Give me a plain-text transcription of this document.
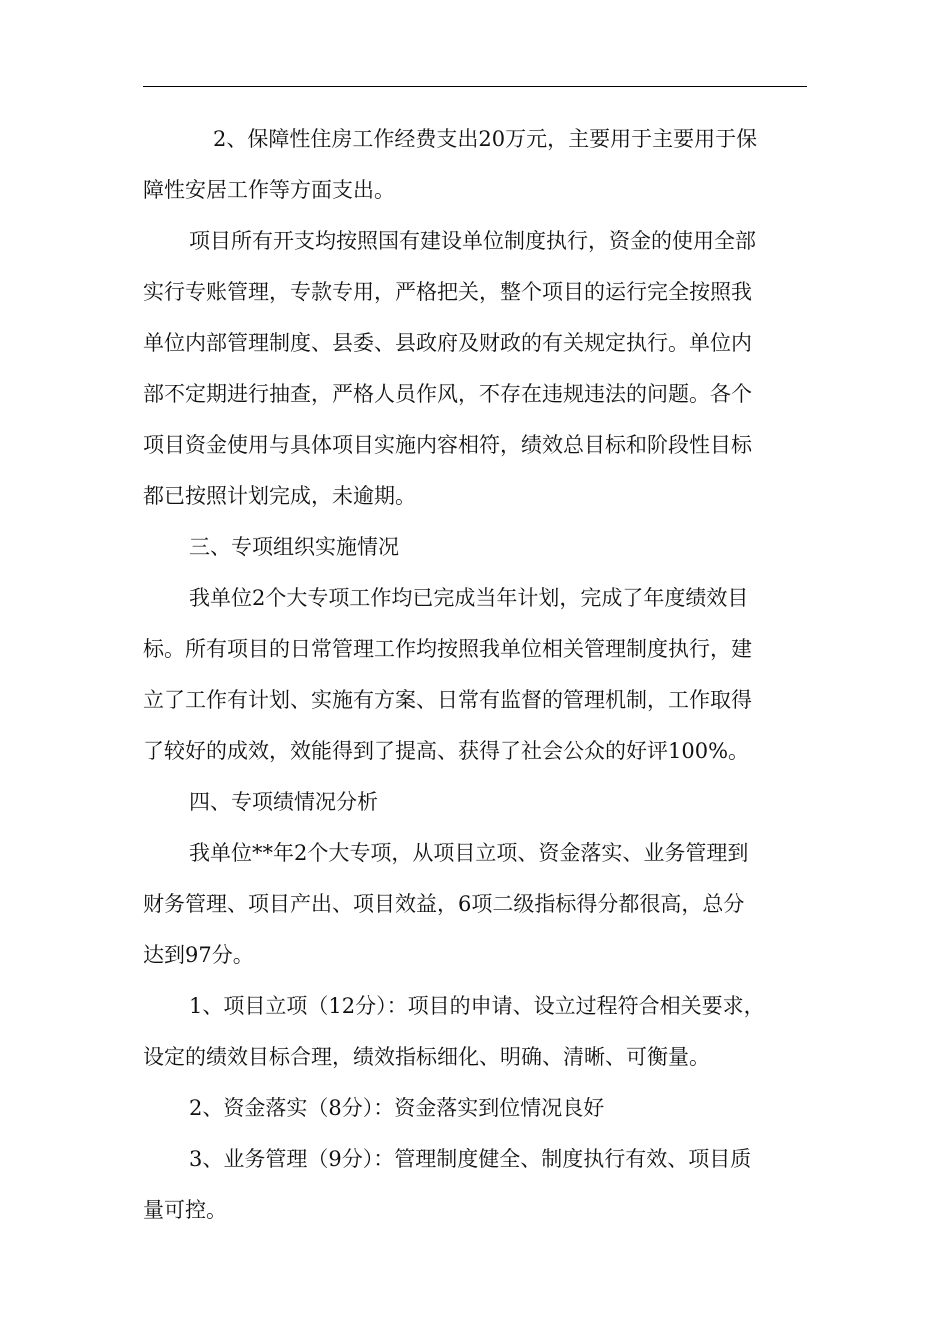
2、保障性住房工作经费支出20万元，主要用于主要用于保
障性安居工作等方面支出。
项目所有开支均按照国有建设单位制度执行，资金的使用全部
实行专账管理，专款专用，严格把关，整个项目的运行完全按照我
单位内部管理制度、县委、县政府及财政的有关规定执行。单位内
部不定期进行抽查，严格人员作风，不存在违规违法的问题。各个
项目资金使用与具体项目实施内容相符，绩效总目标和阶段性目标
都已按照计划完成，未逾期。
三、专项组织实施情况
我单位2个大专项工作均已完成当年计划，完成了年度绩效目
标。所有项目的日常管理工作均按照我单位相关管理制度执行，建
立了工作有计划、实施有方案、日常有监督的管理机制，工作取得
了较好的成效，效能得到了提高、获得了社会公众的好评100%。
四、专项绩情况分析
我单位**年2个大专项，从项目立项、资金落实、业务管理到
财务管理、项目产出、项目效益，6项二级指标得分都很高，总分
达到97分。
1、项目立项（12分）：项目的申请、设立过程符合相关要求，
设定的绩效目标合理，绩效指标细化、明确、清晰、可衡量。
2、资金落实（8分）：资金落实到位情况良好
3、业务管理（9分）：管理制度健全、制度执行有效、项目质
量可控。
